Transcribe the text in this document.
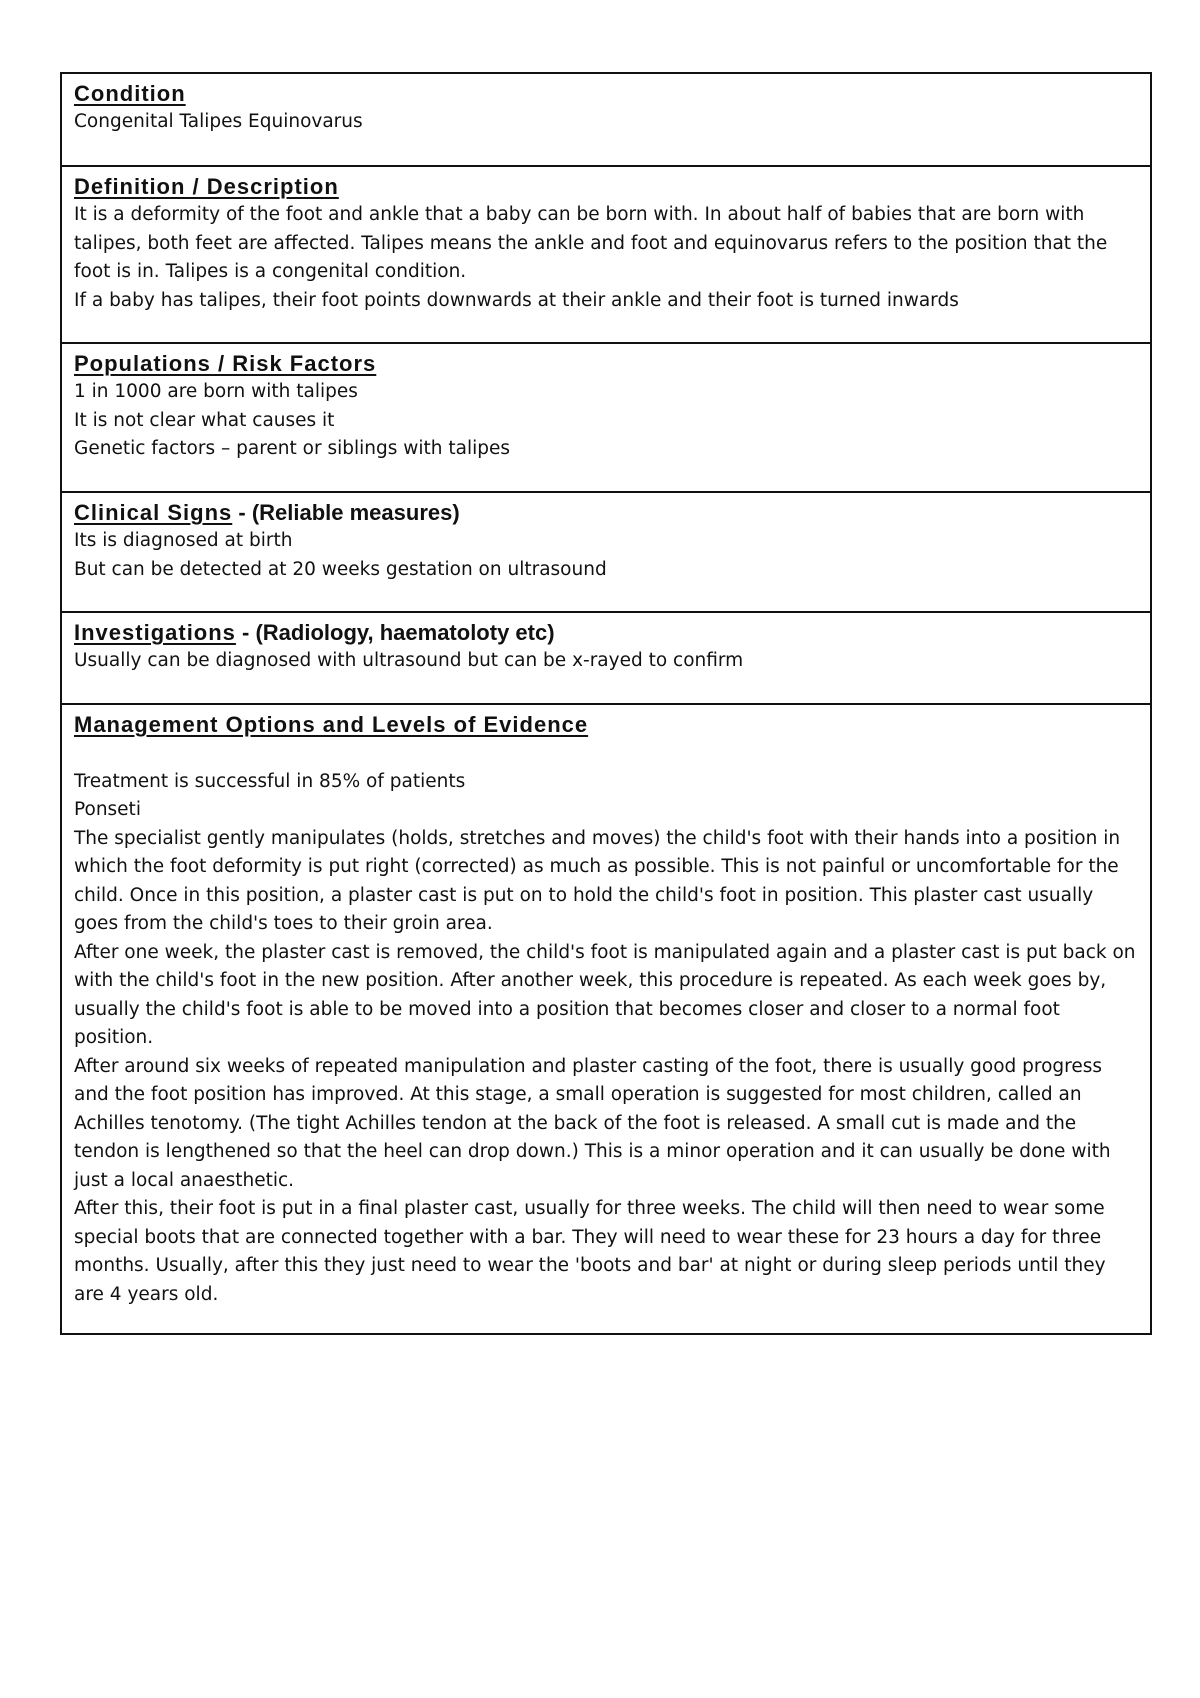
Condition

Congenital Talipes Equinovarus

Definition / Description

It is a deformity of the foot and ankle that a baby can be born with. In about half of babies that are born with talipes, both feet are affected. Talipes means the ankle and foot and equinovarus refers to the position that the foot is in. Talipes is a congenital condition.

If a baby has talipes, their foot points downwards at their ankle and their foot is turned inwards

Populations / Risk Factors

1 in 1000 are born with talipes

It is not clear what causes it

Genetic factors – parent or siblings with talipes

Clinical Signs - (Reliable measures)

Its is diagnosed at birth

But can be detected at 20 weeks gestation on ultrasound

Investigations - (Radiology, haematoloty etc)

Usually can be diagnosed with ultrasound but can be x-rayed to confirm

Management Options and Levels of Evidence

Treatment is successful in 85% of patients

Ponseti

The specialist gently manipulates (holds, stretches and moves) the child's foot with their hands into a position in which the foot deformity is put right (corrected) as much as possible. This is not painful or uncomfortable for the child. Once in this position, a plaster cast is put on to hold the child's foot in position. This plaster cast usually goes from the child's toes to their groin area.

After one week, the plaster cast is removed, the child's foot is manipulated again and a plaster cast is put back on with the child's foot in the new position. After another week, this procedure is repeated. As each week goes by, usually the child's foot is able to be moved into a position that becomes closer and closer to a normal foot position.

After around six weeks of repeated manipulation and plaster casting of the foot, there is usually good progress and the foot position has improved. At this stage, a small operation is suggested for most children, called an Achilles tenotomy. (The tight Achilles tendon at the back of the foot is released. A small cut is made and the tendon is lengthened so that the heel can drop down.) This is a minor operation and it can usually be done with just a local anaesthetic.

After this, their foot is put in a final plaster cast, usually for three weeks. The child will then need to wear some special boots that are connected together with a bar. They will need to wear these for 23 hours a day for three months. Usually, after this they just need to wear the 'boots and bar' at night or during sleep periods until they are 4 years old.
